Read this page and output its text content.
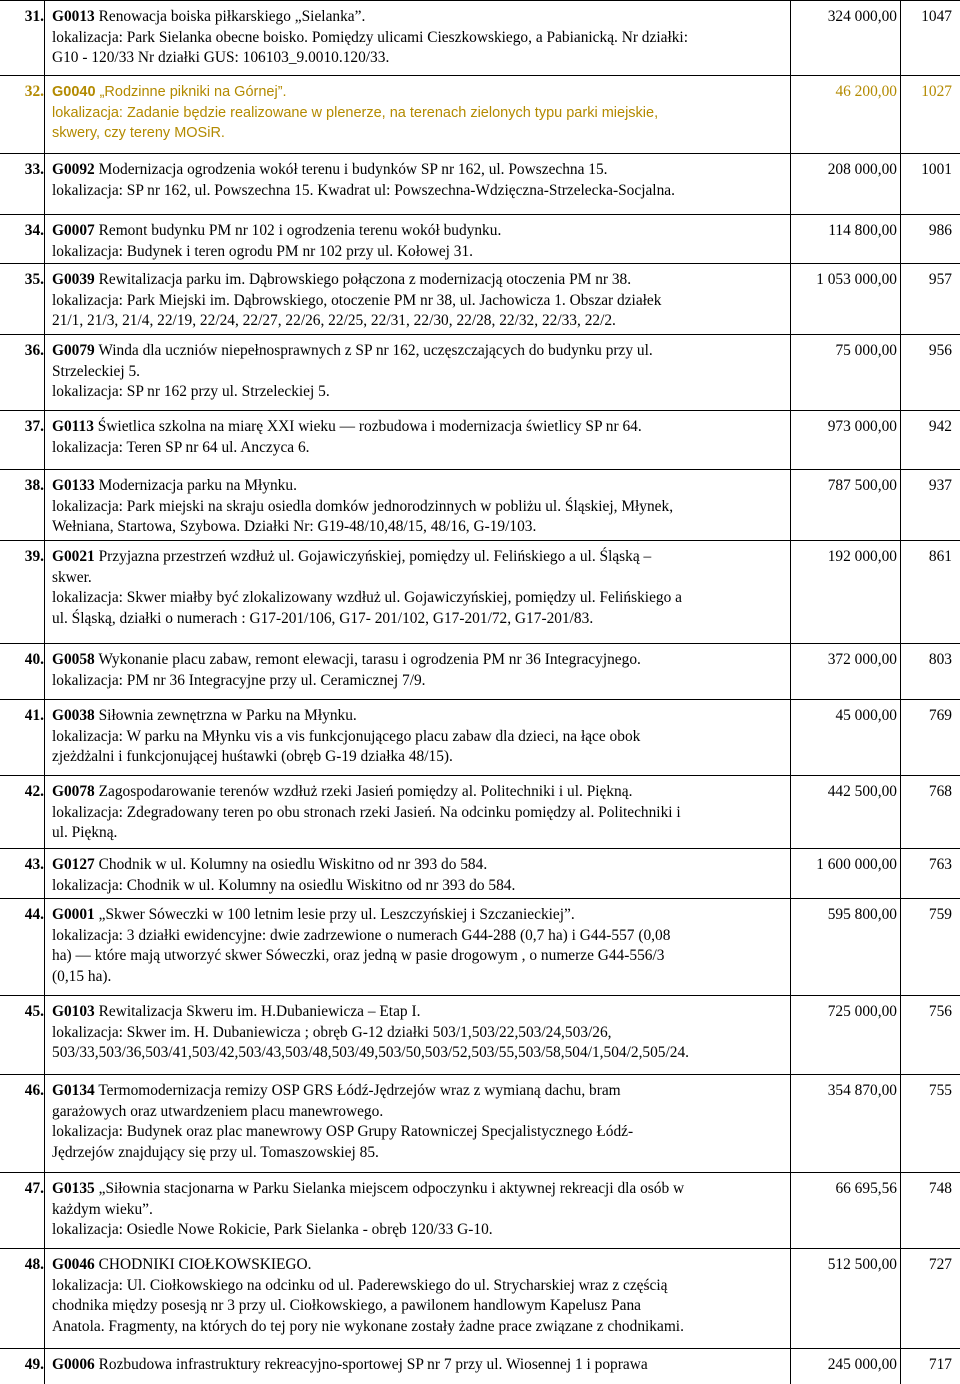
31. G0013 Renowacja boiska piłkarskiego „Sielanka”.
lokalizacja: Park Sielanka obecne boisko. Pomiędzy ulicami Cieszkowskiego, a Pabianicką. Nr działki:
G10 - 120/33 Nr działki GUS: 106103_9.0010.120/33.
324 000,00	1047
32. G0040 „Rodzinne pikniki na Górnej”.
lokalizacja: Zadanie będzie realizowane w plenerze, na terenach zielonych typu parki miejskie,
skwery, czy tereny MOSiR.
46 200,00	1027
33. G0092 Modernizacja ogrodzenia wokół terenu i budynków SP nr 162, ul. Powszechna 15.
lokalizacja: SP nr 162, ul. Powszechna 15. Kwadrat ul: Powszechna-Wdzięczna-Strzelecka-Socjalna.
208 000,00	1001
34. G0007 Remont budynku PM nr 102 i ogrodzenia terenu wokół budynku.
lokalizacja: Budynek i teren ogrodu PM nr 102 przy ul. Kołowej 31.
114 800,00	986
35. G0039 Rewitalizacja parku im. Dąbrowskiego połączona z modernizacją otoczenia PM nr 38.
lokalizacja: Park Miejski im. Dąbrowskiego, otoczenie PM nr 38, ul. Jachowicza 1. Obszar działek
21/1, 21/3, 21/4, 22/19, 22/24, 22/27, 22/26, 22/25, 22/31, 22/30, 22/28, 22/32, 22/33, 22/2.
1 053 000,00	957
36. G0079 Winda dla uczniów niepełnosprawnych z SP nr 162, uczęszczających do budynku przy ul.
Strzeleckiej 5.
lokalizacja: SP nr 162 przy ul. Strzeleckiej 5.
75 000,00	956
37. G0113 Świetlica szkolna na miarę XXI wieku — rozbudowa i modernizacja świetlicy SP nr 64.
lokalizacja: Teren SP nr 64 ul. Anczyca 6.
973 000,00	942
38. G0133 Modernizacja parku na Młynku.
lokalizacja: Park miejski na skraju osiedla domków jednorodzinnych w pobliżu ul. Śląskiej, Młynek,
Wełniana, Startowa, Szybowa. Działki Nr: G19-48/10,48/15, 48/16, G-19/103.
787 500,00	937
39. G0021 Przyjazna przestrzeń wzdłuż ul. Gojawiczyńskiej, pomiędzy ul. Felińskiego a ul. Śląską –
skwer.
lokalizacja: Skwer miałby być zlokalizowany wzdłuż ul. Gojawiczyńskiej, pomiędzy ul. Felińskiego a
ul. Śląską, działki o numerach : G17-201/106, G17- 201/102, G17-201/72, G17-201/83.
192 000,00	861
40. G0058 Wykonanie placu zabaw, remont elewacji, tarasu i ogrodzenia PM nr 36 Integracyjnego.
lokalizacja: PM nr 36 Integracyjne przy ul. Ceramicznej 7/9.
372 000,00	803
41. G0038 Siłownia zewnętrzna w Parku na Młynku.
lokalizacja: W parku na Młynku vis a vis funkcjonującego placu zabaw dla dzieci, na łące obok
zjeżdżalni i funkcjonującej huśtawki (obręb G-19 działka 48/15).
45 000,00	769
42. G0078 Zagospodarowanie terenów wzdłuż rzeki Jasień pomiędzy al. Politechniki i ul. Piękną.
lokalizacja: Zdegradowany teren po obu stronach rzeki Jasień. Na odcinku pomiędzy al. Politechniki i
ul. Piękną.
442 500,00	768
43. G0127 Chodnik w ul. Kolumny na osiedlu Wiskitno od nr 393 do 584.
lokalizacja: Chodnik w ul. Kolumny na osiedlu Wiskitno od nr 393 do 584.
1 600 000,00	763
44. G0001 „Skwer Sóweczki w 100 letnim lesie przy ul. Leszczyńskiej i Szczanieckiej”.
lokalizacja: 3 działki ewidencyjne: dwie zadrzewione o numerach G44-288 (0,7 ha) i G44-557 (0,08
ha) — które mają utworzyć skwer Sóweczki, oraz jedną w pasie drogowym , o numerze G44-556/3
(0,15 ha).
595 800,00	759
45. G0103 Rewitalizacja Skweru im. H.Dubaniewicza – Etap I.
lokalizacja: Skwer im. H. Dubaniewicza ; obręb G-12 działki 503/1,503/22,503/24,503/26,
503/33,503/36,503/41,503/42,503/43,503/48,503/49,503/50,503/52,503/55,503/58,504/1,504/2,505/24.
725 000,00	756
46. G0134 Termomodernizacja remizy OSP GRS Łódź-Jędrzejów wraz z wymianą dachu, bram
garażowych oraz utwardzeniem placu manewrowego.
lokalizacja: Budynek oraz plac manewrowy OSP Grupy Ratowniczej Specjalistycznego Łódź-
Jędrzejów znajdujący się przy ul. Tomaszowskiej 85.
354 870,00	755
47. G0135 „Siłownia stacjonarna w Parku Sielanka miejscem odpoczynku i aktywnej rekreacji dla osób w
każdym wieku”.
lokalizacja: Osiedle Nowe Rokicie, Park Sielanka - obręb 120/33 G-10.
66 695,56	748
48. G0046 CHODNIKI CIOŁKOWSKIEGO.
lokalizacja: Ul. Ciołkowskiego na odcinku od ul. Paderewskiego do ul. Strycharskiej wraz z częścią
chodnika między posesją nr 3 przy ul. Ciołkowskiego, a pawilonem handlowym Kapelusz Pana
Anatola. Fragmenty, na których do tej pory nie wykonane zostały żadne prace związane z chodnikami.
512 500,00	727
49. G0006 Rozbudowa infrastruktury rekreacyjno-sportowej SP nr 7 przy ul. Wiosennej 1 i poprawa	245 000,00	717
